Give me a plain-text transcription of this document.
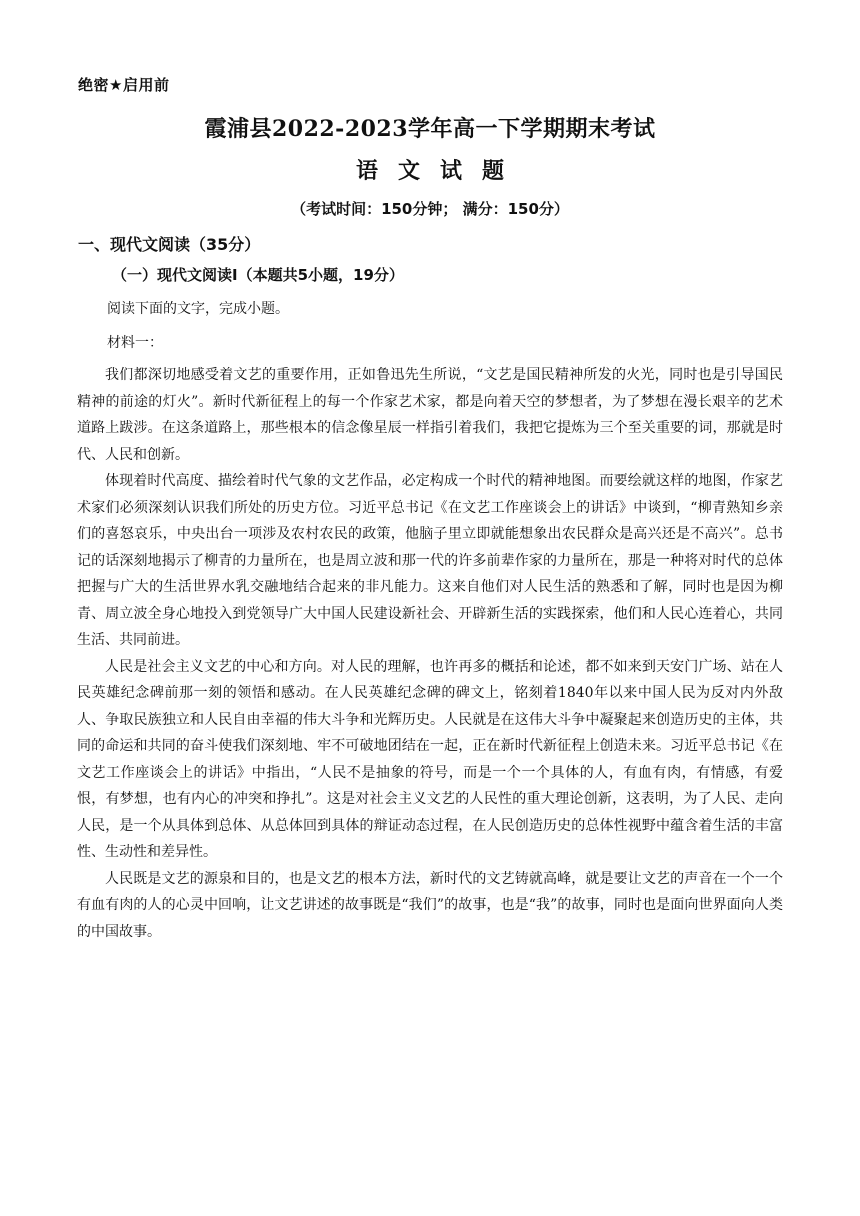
绝密★启用前
霞浦县2022-2023学年高一下学期期末考试
语文试题
（考试时间：150分钟； 满分：150分）
一、现代文阅读（35分）
（一）现代文阅读Ⅰ（本题共5小题，19分）
阅读下面的文字，完成小题。
材料一：

我们都深切地感受着文艺的重要作用，正如鲁迅先生所说，“文艺是国民精神所发的火光，同时也是引导国民精神的前途的灯火”。新时代新征程上的每一个作家艺术家，都是向着天空的梦想者，为了梦想在漫长艰辛的艺术道路上跋涉。在这条道路上，那些根本的信念像星辰一样指引着我们，我把它提炼为三个至关重要的词，那就是时代、人民和创新。

体现着时代高度、描绘着时代气象的文艺作品，必定构成一个时代的精神地图。而要绘就这样的地图，作家艺术家们必须深刻认识我们所处的历史方位。习近平总书记《在文艺工作座谈会上的讲话》中谈到，“柳青熟知乡亲们的喜怒哀乐，中央出台一项涉及农村农民的政策，他脑子里立即就能想象出农民群众是高兴还是不高兴”。总书记的话深刻地揭示了柳青的力量所在，也是周立波和那一代的许多前辈作家的力量所在，那是一种将对时代的总体把握与广大的生活世界水乳交融地结合起来的非凡能力。这来自他们对人民生活的熟悉和了解，同时也是因为柳青、周立波全身心地投入到党领导广大中国人民建设新社会、开辟新生活的实践探索，他们和人民心连着心，共同生活、共同前进。

人民是社会主义文艺的中心和方向。对人民的理解，也许再多的概括和论述，都不如来到天安门广场、站在人民英雄纪念碑前那一刻的领悟和感动。在人民英雄纪念碑的碑文上，铭刻着1840年以来中国人民为反对内外敌人、争取民族独立和人民自由幸福的伟大斗争和光辉历史。人民就是在这伟大斗争中凝聚起来创造历史的主体，共同的命运和共同的奋斗使我们深刻地、牢不可破地团结在一起，正在新时代新征程上创造未来。习近平总书记《在文艺工作座谈会上的讲话》中指出，“人民不是抽象的符号，而是一个一个具体的人，有血有肉，有情感，有爱恨，有梦想，也有内心的冲突和挣扎”。这是对社会主义文艺的人民性的重大理论创新，这表明，为了人民、走向人民，是一个从具体到总体、从总体回到具体的辩证动态过程，在人民创造历史的总体性视野中蕴含着生活的丰富性、生动性和差异性。

人民既是文艺的源泉和目的，也是文艺的根本方法，新时代的文艺铸就高峰，就是要让文艺的声音在一个一个有血有肉的人的心灵中回响，让文艺讲述的故事既是“我们”的故事，也是“我”的故事，同时也是面向世界面向人类的中国故事。
